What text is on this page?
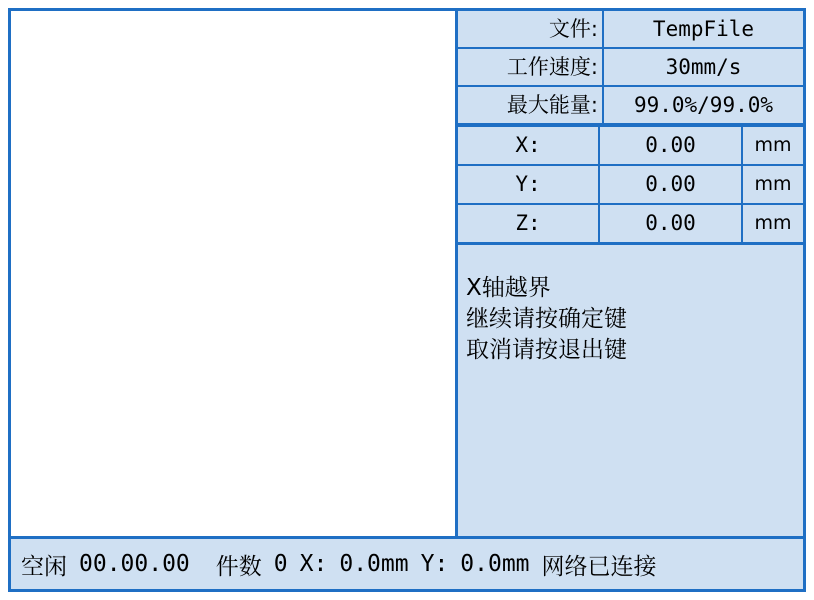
文件:	TempFile
工作速度:	30mm/s
最大能量:	99.0%/99.0%
X:	0.00	mm
Y:	0.00	mm
Z:	0.00	mm
X轴越界
继续请按确定键
取消请按退出键
空闲 00.00.00 件数 0 X: 0.0mm Y: 0.0mm 网络已连接
